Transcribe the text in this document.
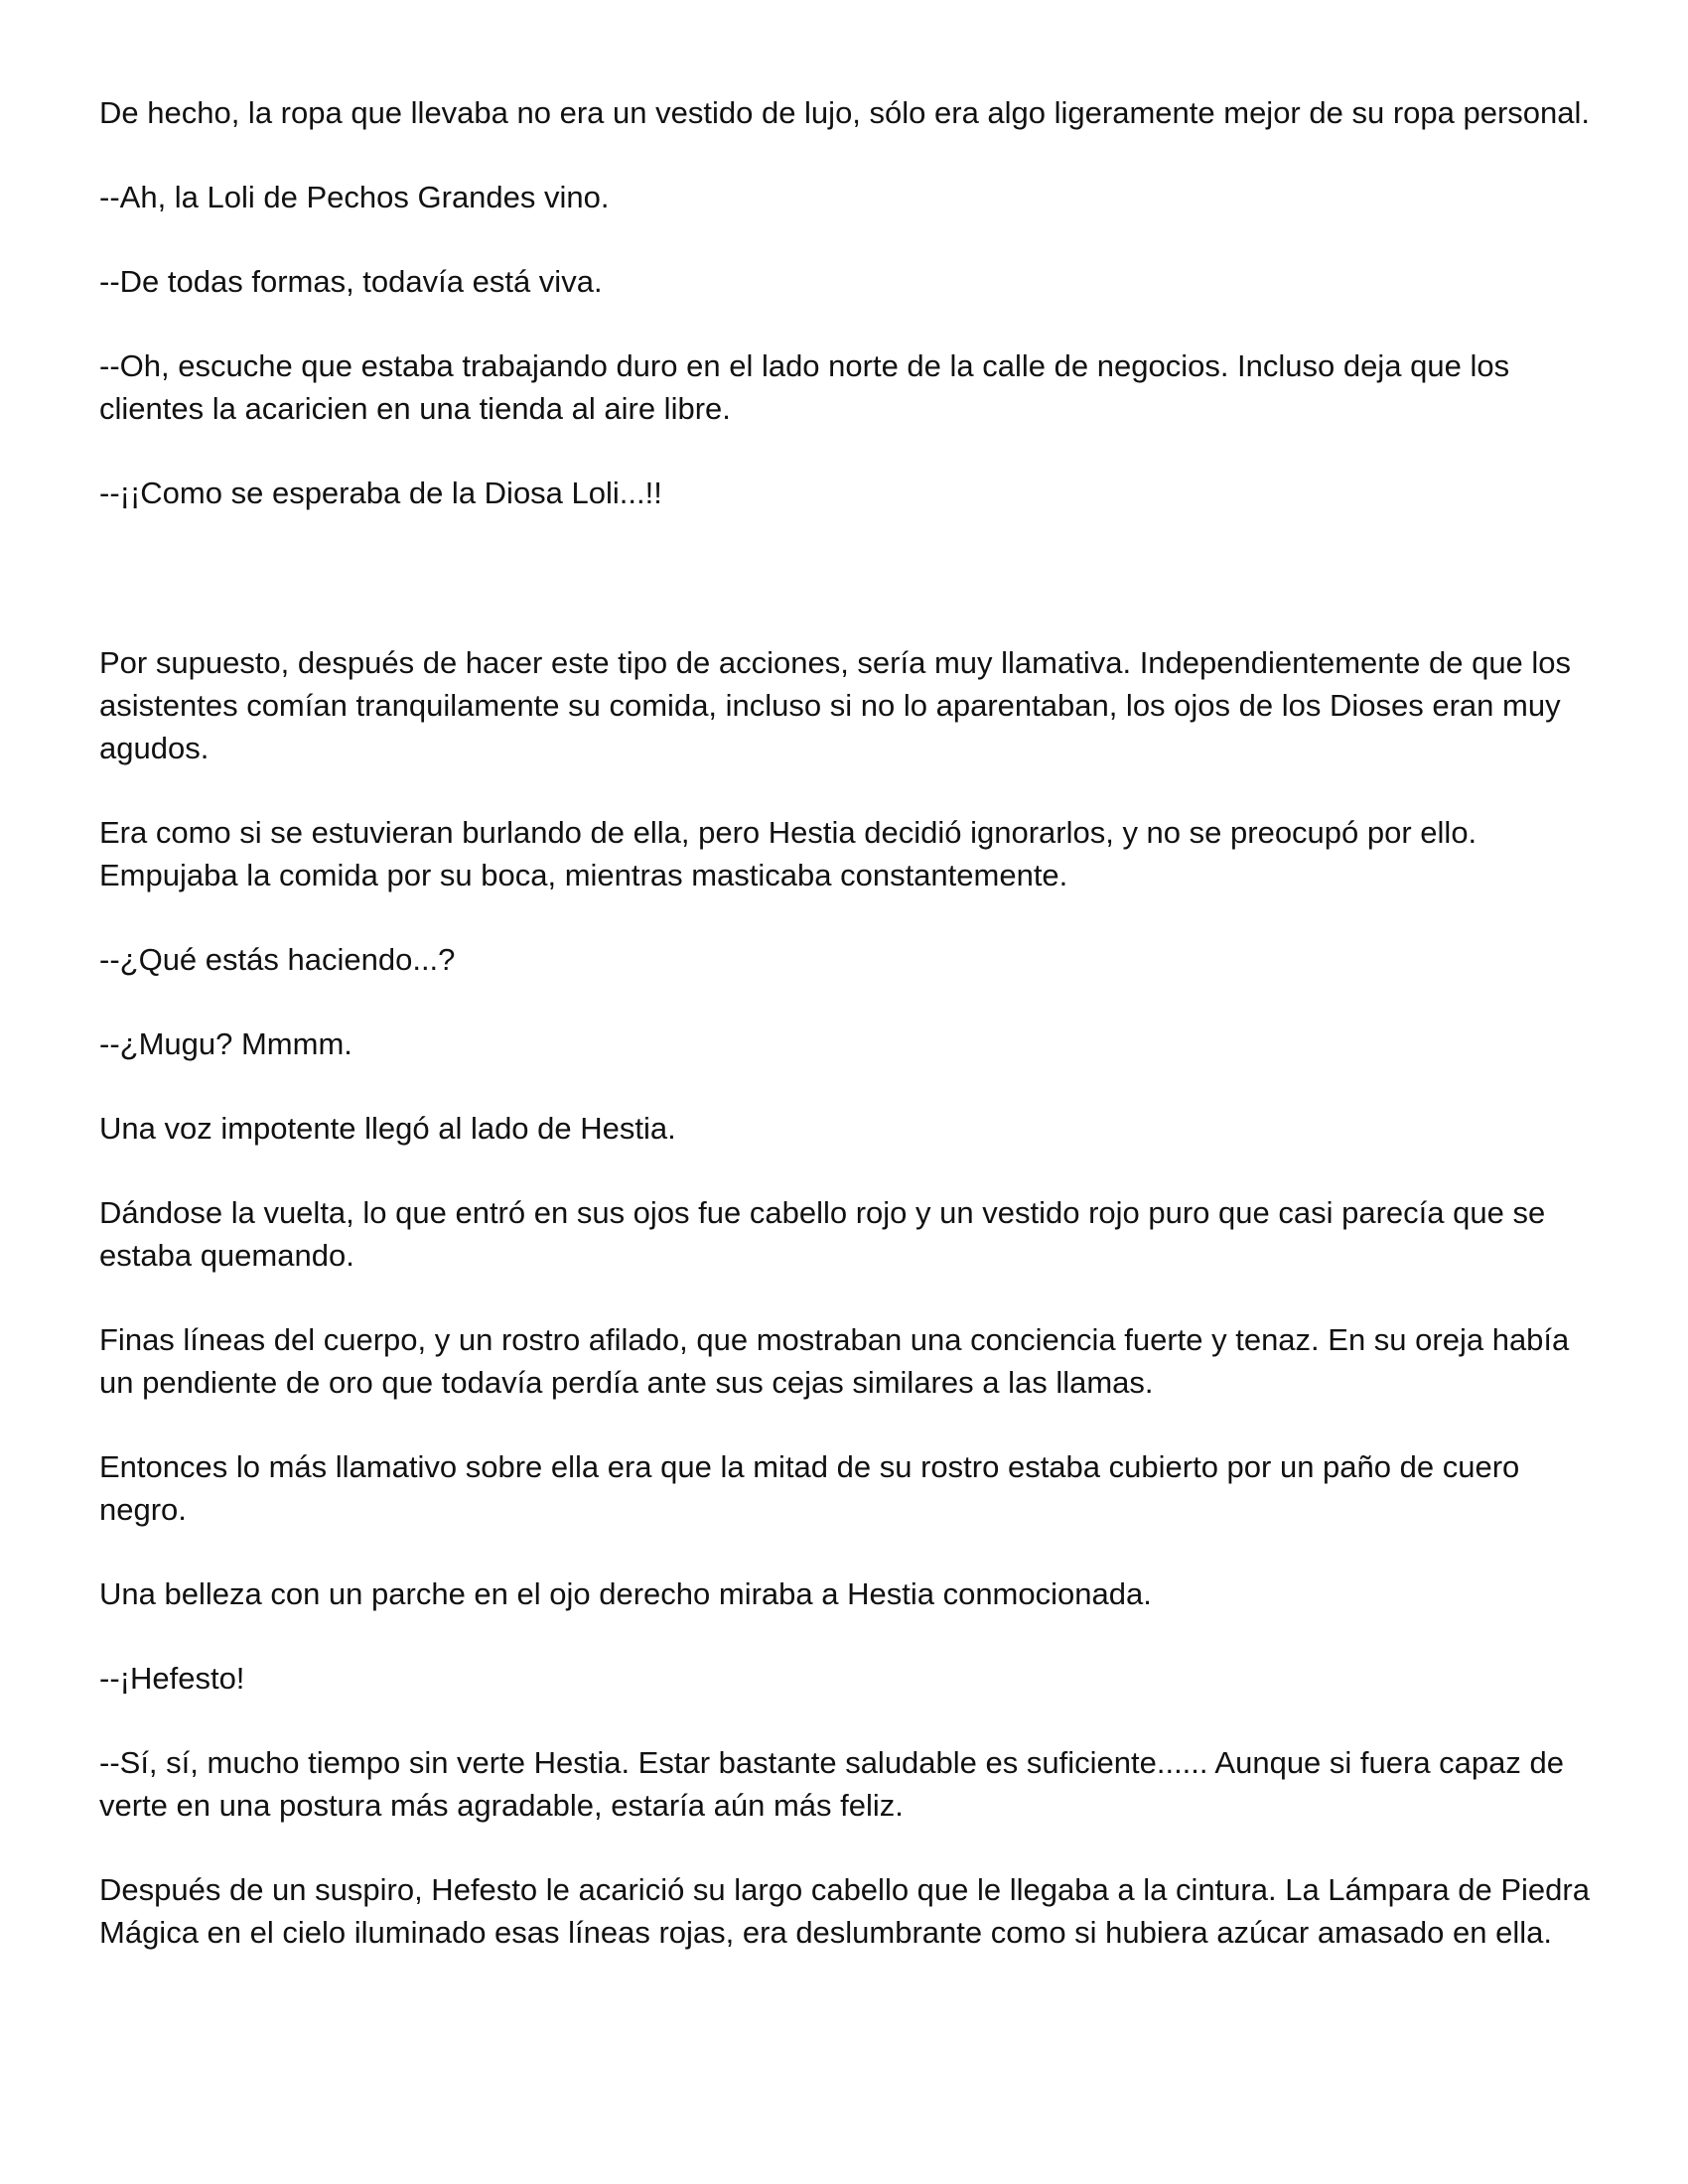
De hecho, la ropa que llevaba no era un vestido de lujo, sólo era algo ligeramente mejor de su ropa personal.

--Ah, la Loli de Pechos Grandes vino.

--De todas formas, todavía está viva.

--Oh, escuche que estaba trabajando duro en el lado norte de la calle de negocios. Incluso deja que los clientes la acaricien en una tienda al aire libre.

--¡¡Como se esperaba de la Diosa Loli...!!

Por supuesto, después de hacer este tipo de acciones, sería muy llamativa. Independientemente de que los asistentes comían tranquilamente su comida, incluso si no lo aparentaban, los ojos de los Dioses eran muy agudos.

Era como si se estuvieran burlando de ella, pero Hestia decidió ignorarlos, y no se preocupó por ello. Empujaba la comida por su boca, mientras masticaba constantemente.

--¿Qué estás haciendo...?

--¿Mugu? Mmmm.

Una voz impotente llegó al lado de Hestia.

Dándose la vuelta, lo que entró en sus ojos fue cabello rojo y un vestido rojo puro que casi parecía que se estaba quemando.

Finas líneas del cuerpo, y un rostro afilado, que mostraban una conciencia fuerte y tenaz. En su oreja había un pendiente de oro que todavía perdía ante sus cejas similares a las llamas.

Entonces lo más llamativo sobre ella era que la mitad de su rostro estaba cubierto por un paño de cuero negro.

Una belleza con un parche en el ojo derecho miraba a Hestia conmocionada.

--¡Hefesto!

--Sí, sí, mucho tiempo sin verte Hestia. Estar bastante saludable es suficiente...... Aunque si fuera capaz de verte en una postura más agradable, estaría aún más feliz.

Después de un suspiro, Hefesto le acarició su largo cabello que le llegaba a la cintura. La Lámpara de Piedra Mágica en el cielo iluminado esas líneas rojas, era deslumbrante como si hubiera azúcar amasado en ella.
